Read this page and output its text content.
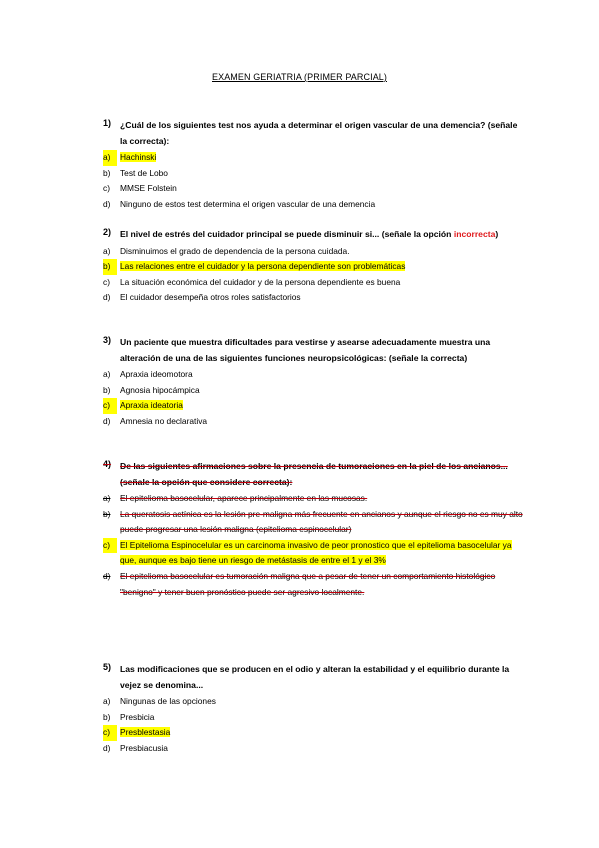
EXAMEN GERIATRIA (PRIMER PARCIAL)
1)	¿Cuál de los siguientes test nos ayuda a determinar el origen vascular de una demencia? (señale la correcta):
a)	Hachinski
b)	Test de Lobo
c)	MMSE Folstein
d)	Ninguno de estos test determina el origen vascular de una demencia
2)	El nivel de estrés del cuidador principal se puede disminuir si... (señale la opción incorrecta)
a)	Disminuimos el grado de dependencia de la persona cuidada.
b)	Las relaciones entre el cuidador y la persona dependiente son problemáticas
c)	La situación económica del cuidador y de la persona dependiente es buena
d)	El cuidador desempeña otros roles satisfactorios
3)	Un paciente que muestra dificultades para vestirse y asearse adecuadamente muestra una alteración de una de las siguientes funciones neuropsicológicas: (señale la correcta)
a)	Apraxia ideomotora
b)	Agnosia hipocámpica
c)	Apraxia ideatoria
d)	Amnesia no declarativa
4)	De las siguientes afirmaciones sobre la presencia de tumoraciones en la piel de los ancianos...(señale la opción que considere correcta):
a)	El epitelioma basocelular, aparece principalmente en las mucosas.
b)	La queratosis actínica es la lesión pre-maligna más frecuente en ancianos y aunque el riesgo no es muy alto puede progresar una lesión maligna (epitelioma espinocelular)
c)	El Epitelioma Espinocelular es un carcinoma invasivo de peor pronostico que el epitelioma basocelular ya que, aunque es bajo tiene un riesgo de metástasis de entre el 1 y el 3%
d)	El epitelioma basocelular es tumoración maligna que a pesar de tener un comportamiento histológico "benigno" y tener buen pronóstico puede ser agresivo localmente.
5)	Las modificaciones que se producen en el odio y alteran la estabilidad y el equilibrio durante la vejez se denomina...
a)	Ningunas de las opciones
b)	Presbicia
c)	Presblestasia
d)	Presbiacusia
